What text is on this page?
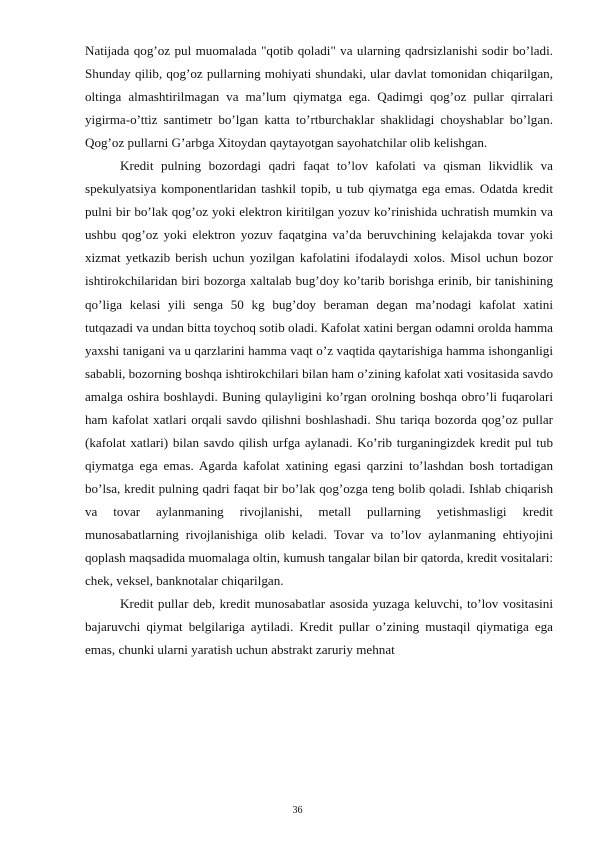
Natijada qog’oz pul muomalada "qotib qoladi" va ularning qadrsizlanishi sodir bo’ladi. Shunday qilib, qog’oz pullarning mohiyati shundaki, ular davlat tomonidan chiqarilgan, oltinga almashtirilmagan va ma’lum qiymatga ega. Qadimgi qog’oz pullar qirralari yigirma-o’ttiz santimetr bo’lgan katta to’rtburchaklar shaklidagi choyshablar bo’lgan. Qog’oz pullarni G’arbga Xitoydan qaytayotgan sayohatchilar olib kelishgan.

Kredit pulning bozordagi qadri faqat to’lov kafolati va qisman likvidlik va spekulyatsiya komponentlaridan tashkil topib, u tub qiymatga ega emas. Odatda kredit pulni bir bo’lak qog’oz yoki elektron kiritilgan yozuv ko’rinishida uchratish mumkin va ushbu qog’oz yoki elektron yozuv faqatgina va’da beruvchining kelajakda tovar yoki xizmat yetkazib berish uchun yozilgan kafolatini ifodalaydi xolos. Misol uchun bozor ishtirokchilaridan biri bozorga xaltalab bug’doy ko’tarib borishga erinib, bir tanishining qo’liga kelasi yili senga 50 kg bug’doy beraman degan ma’nodagi kafolat xatini tutqazadi va undan bitta toychoq sotib oladi. Kafolat xatini bergan odamni orolda hamma yaxshi tanigani va u qarzlarini hamma vaqt o’z vaqtida qaytarishiga hamma ishonganligi sababli, bozorning boshqa ishtirokchilari bilan ham o’zining kafolat xati vositasida savdo amalga oshira boshlaydi. Buning qulayligini ko’rgan orolning boshqa obro’li fuqarolari ham kafolat xatlari orqali savdo qilishni boshlashadi. Shu tariqa bozorda qog’oz pullar (kafolat xatlari) bilan savdo qilish urfga aylanadi. Ko’rib turganingizdek kredit pul tub qiymatga ega emas. Agarda kafolat xatining egasi qarzini to’lashdan bosh tortadigan bo’lsa, kredit pulning qadri faqat bir bo’lak qog’ozga teng bolib qoladi. Ishlab chiqarish va tovar aylanmaning rivojlanishi, metall pullarning yetishmasligi kredit munosabatlarning rivojlanishiga olib keladi. Tovar va to’lov aylanmaning ehtiyojini qoplash maqsadida muomalaga oltin, kumush tangalar bilan bir qatorda, kredit vositalari: chek, veksel, banknotalar chiqarilgan.

Kredit pullar deb, kredit munosabatlar asosida yuzaga keluvchi, to’lov vositasini bajaruvchi qiymat belgilariga aytiladi. Kredit pullar o’zining mustaqil qiymatiga ega emas, chunki ularni yaratish uchun abstrakt zaruriy mehnat

36
